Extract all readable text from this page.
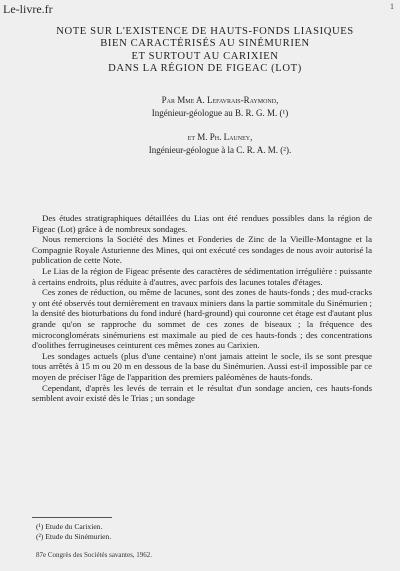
Le-livre.fr	1
NOTE SUR L'EXISTENCE DE HAUTS-FONDS LIASIQUES
BIEN CARACTÉRISÉS AU SINÉMURIEN
ET SURTOUT AU CARIXIEN
DANS LA RÉGION DE FIGEAC (LOT)
Par Mme A. Lefavrais-Raymond,
Ingénieur-géologue au B. R. G. M. (¹)
et M. Ph. Launey,
Ingénieur-géologue à la C. R. A. M. (²).

Des études stratigraphiques détaillées du Lias ont été rendues possibles dans la région de Figeac (Lot) grâce à de nombreux sondages.

Nous remercions la Société des Mines et Fonderies de Zinc de la Vieille-Montagne et la Compagnie Royale Asturienne des Mines, qui ont exécuté ces sondages de nous avoir autorisé la publication de cette Note.

Le Lias de la région de Figeac présente des caractères de sédimentation irrégulière : puissante à certains endroits, plus réduite à d'autres, avec parfois des lacunes totales d'étages.

Ces zones de réduction, ou même de lacunes, sont des zones de hauts-fonds ; des mud-cracks y ont été observés tout dernièrement en travaux miniers dans la partie sommitale du Sinémurien ; la densité des bioturbations du fond induré (hard-ground) qui couronne cet étage est d'autant plus grande qu'on se rapproche du sommet de ces zones de biseaux ; la fréquence des microconglomérats sinémuriens est maximale au pied de ces hauts-fonds ; des concentrations d'oolithes ferrugineuses ceinturent ces mêmes zones au Carixien.

Les sondages actuels (plus d'une centaine) n'ont jamais atteint le socle, ils se sont presque tous arrêtés à 15 m ou 20 m en dessous de la base du Sinémurien. Aussi est-il impossible par ce moyen de préciser l'âge de l'apparition des premiers paléomènes de hauts-fonds.

Cependant, d'après les levés de terrain et le résultat d'un sondage ancien, ces hauts-fonds semblent avoir existé dès le Trias ; un sondage

(¹) Etude du Carixien.
(²) Etude du Sinémurien.
87e Congrès des Sociétés savantes, 1962.
